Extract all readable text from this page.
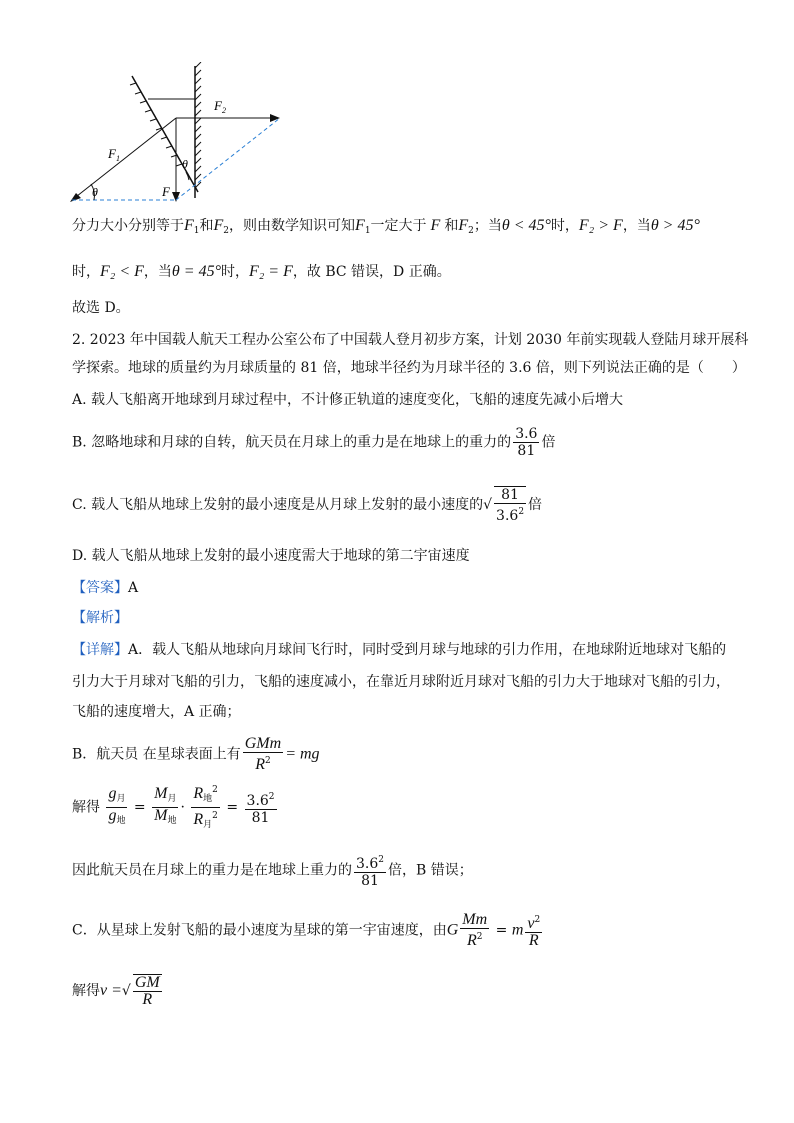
$F_2$
$F_1$
F
θ
θ
分力大小分别等于$F_1$和$F_2$，则由数学知识可知$F_1$一定大于 F 和$F_2$；当θ < 45°时，F₂ > F，当θ > 45°
时，F₂ < F，当θ = 45°时，F₂ = F，故 BC 错误，D 正确。
故选 D。
2. 2023 年中国载人航天工程办公室公布了中国载人登月初步方案，计划 2030 年前实现载人登陆月球开展科
学探索。地球的质量约为月球质量的 81 倍，地球半径约为月球半径的 3.6 倍，则下列说法正确的是（　　）
A. 载人飞船离开地球到月球过程中，不计修正轨道的速度变化，飞船的速度先减小后增大
B. 忽略地球和月球的自转，航天员在月球上的重力是在地球上的重力的 $\frac{3.6}{81}$ 倍
C. 载人飞船从地球上发射的最小速度是从月球上发射的最小速度的√ $\frac{81}{3.6^2}$ 倍
D. 载人飞船从地球上发射的最小速度需大于地球的第二宇宙速度
【答案】A
【解析】
【详解】A．载人飞船从地球向月球间飞行时，同时受到月球与地球的引力作用，在地球附近地球对飞船的
引力大于月球对飞船的引力，飞船的速度减小，在靠近月球附近月球对飞船的引力大于地球对飞船的引力，
飞船的速度增大，A 正确；
B．航天员 在星球表面上有 $\frac{\text{GMm}}{R^2}$ = mg
解得 $\frac{g_月}{g_地} = \frac{M_月}{M_地} \cdot \frac{R_地^2}{R_月^2} = \frac{3.6^2}{81}$
因此航天员在月球上的重力是在地球上重力的 $\frac{3.6^2}{81}$ 倍，B 错误；
C．从星球上发射飞船的最小速度为星球的第一宇宙速度，由G $\frac{Mm}{R^2} = m \frac{v^2}{R}$
解得v =√ $\frac{GM}{R}$
